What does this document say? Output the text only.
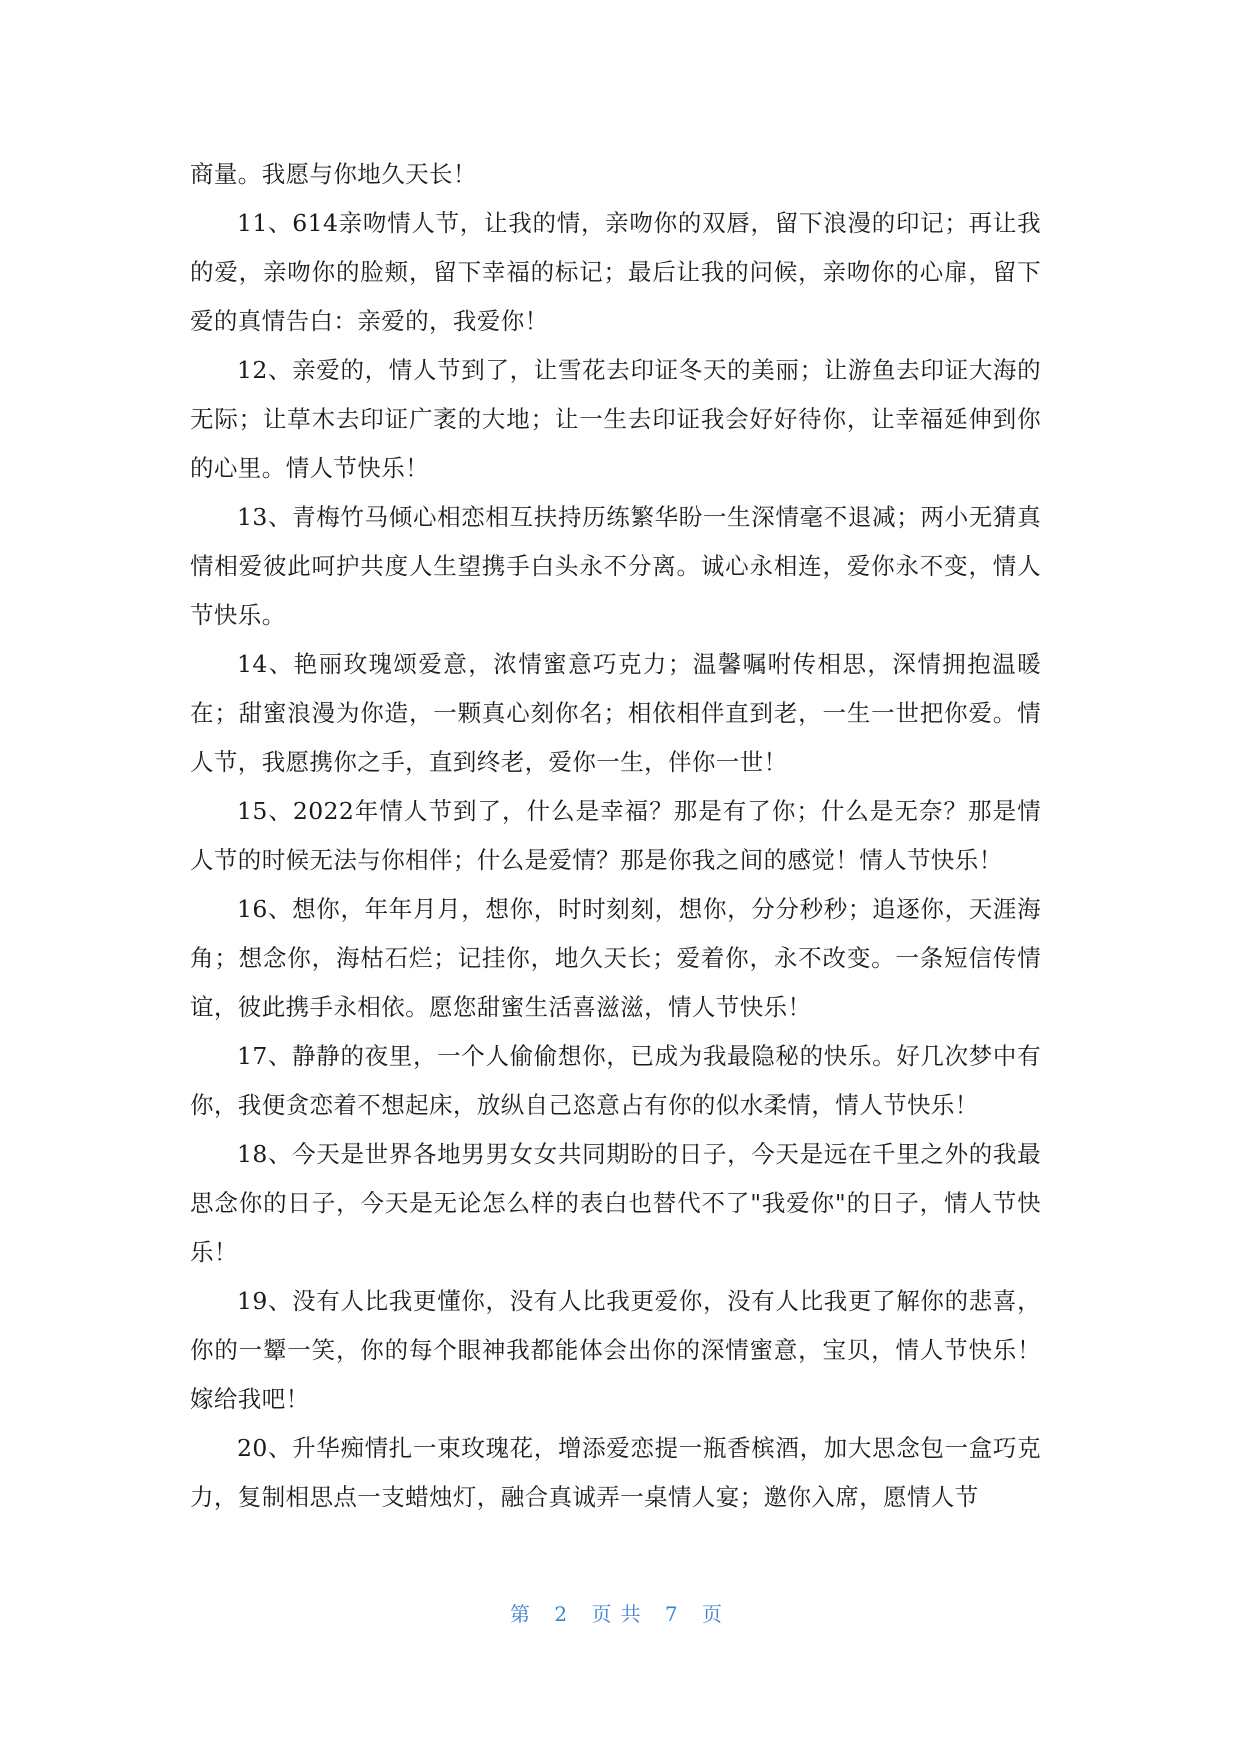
商量。我愿与你地久天长！

11、614亲吻情人节，让我的情，亲吻你的双唇，留下浪漫的印记；再让我的爱，亲吻你的脸颊，留下幸福的标记；最后让我的问候，亲吻你的心扉，留下爱的真情告白：亲爱的，我爱你！

12、亲爱的，情人节到了，让雪花去印证冬天的美丽；让游鱼去印证大海的无际；让草木去印证广袤的大地；让一生去印证我会好好待你，让幸福延伸到你的心里。情人节快乐！

13、青梅竹马倾心相恋相互扶持历练繁华盼一生深情毫不退减；两小无猜真情相爱彼此呵护共度人生望携手白头永不分离。诚心永相连，爱你永不变，情人节快乐。

14、艳丽玫瑰颂爱意，浓情蜜意巧克力；温馨嘱咐传相思，深情拥抱温暖在；甜蜜浪漫为你造，一颗真心刻你名；相依相伴直到老，一生一世把你爱。情人节，我愿携你之手，直到终老，爱你一生，伴你一世！

15、2022年情人节到了，什么是幸福？那是有了你；什么是无奈？那是情人节的时候无法与你相伴；什么是爱情？那是你我之间的感觉！情人节快乐！

16、想你，年年月月，想你，时时刻刻，想你，分分秒秒；追逐你，天涯海角；想念你，海枯石烂；记挂你，地久天长；爱着你，永不改变。一条短信传情谊，彼此携手永相依。愿您甜蜜生活喜滋滋，情人节快乐！

17、静静的夜里，一个人偷偷想你，已成为我最隐秘的快乐。好几次梦中有你，我便贪恋着不想起床，放纵自己恣意占有你的似水柔情，情人节快乐！

18、今天是世界各地男男女女共同期盼的日子，今天是远在千里之外的我最思念你的日子，今天是无论怎么样的表白也替代不了"我爱你"的日子，情人节快乐！

19、没有人比我更懂你，没有人比我更爱你，没有人比我更了解你的悲喜，你的一颦一笑，你的每个眼神我都能体会出你的深情蜜意，宝贝，情人节快乐！嫁给我吧！

20、升华痴情扎一束玫瑰花，增添爱恋提一瓶香槟酒，加大思念包一盒巧克力，复制相思点一支蜡烛灯，融合真诚弄一桌情人宴；邀你入席，愿情人节

第 2 页共 7 页
